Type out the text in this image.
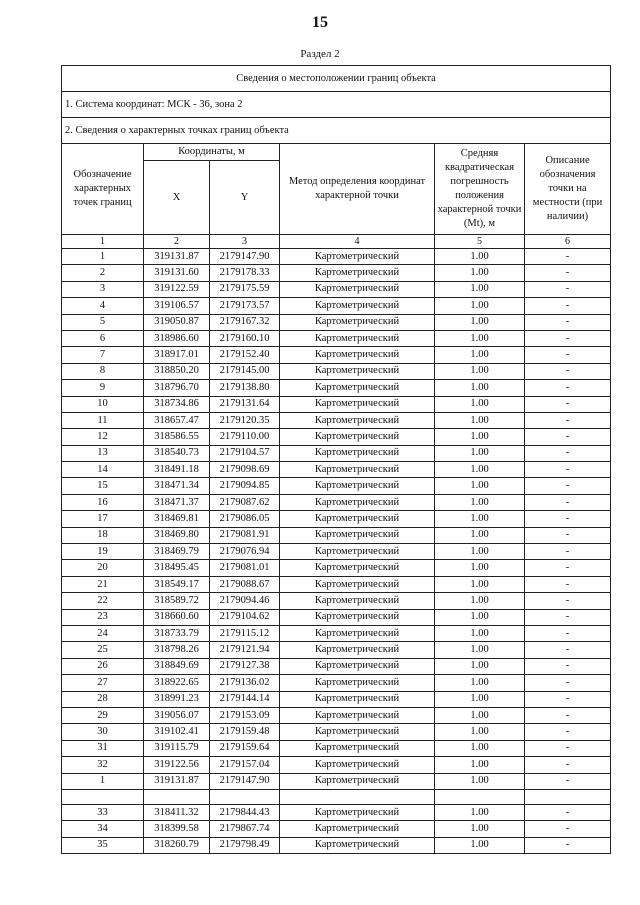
15
Раздел 2
Сведения о местоположении границ объекта					
1. Система координат: МСК - 36, зона 2					
2. Сведения о характерных точках границ объекта					
Обозначение характерных точек границ	Координаты, м		Метод определения координат характерной точки	Средняя квадратическая погрешность положения характерной точки (Mt), м	Описание обозначения точки на местности (при наличии)
	X	Y			
1	2	3	4	5	6
1	319131.87	2179147.90	Картометрический	1.00	-
2	319131.60	2179178.33	Картометрический	1.00	-
3	319122.59	2179175.59	Картометрический	1.00	-
4	319106.57	2179173.57	Картометрический	1.00	-
5	319050.87	2179167.32	Картометрический	1.00	-
6	318986.60	2179160.10	Картометрический	1.00	-
7	318917.01	2179152.40	Картометрический	1.00	-
8	318850.20	2179145.00	Картометрический	1.00	-
9	318796.70	2179138.80	Картометрический	1.00	-
10	318734.86	2179131.64	Картометрический	1.00	-
11	318657.47	2179120.35	Картометрический	1.00	-
12	318586.55	2179110.00	Картометрический	1.00	-
13	318540.73	2179104.57	Картометрический	1.00	-
14	318491.18	2179098.69	Картометрический	1.00	-
15	318471.34	2179094.85	Картометрический	1.00	-
16	318471.37	2179087.62	Картометрический	1.00	-
17	318469.81	2179086.05	Картометрический	1.00	-
18	318469.80	2179081.91	Картометрический	1.00	-
19	318469.79	2179076.94	Картометрический	1.00	-
20	318495.45	2179081.01	Картометрический	1.00	-
21	318549.17	2179088.67	Картометрический	1.00	-
22	318589.72	2179094.46	Картометрический	1.00	-
23	318660.60	2179104.62	Картометрический	1.00	-
24	318733.79	2179115.12	Картометрический	1.00	-
25	318798.26	2179121.94	Картометрический	1.00	-
26	318849.69	2179127.38	Картометрический	1.00	-
27	318922.65	2179136.02	Картометрический	1.00	-
28	318991.23	2179144.14	Картометрический	1.00	-
29	319056.07	2179153.09	Картометрический	1.00	-
30	319102.41	2179159.48	Картометрический	1.00	-
31	319115.79	2179159.64	Картометрический	1.00	-
32	319122.56	2179157.04	Картометрический	1.00	-
1	319131.87	2179147.90	Картометрический	1.00	-

33	318411.32	2179844.43	Картометрический	1.00	-
34	318399.58	2179867.74	Картометрический	1.00	-
35	318260.79	2179798.49	Картометрический	1.00	-
